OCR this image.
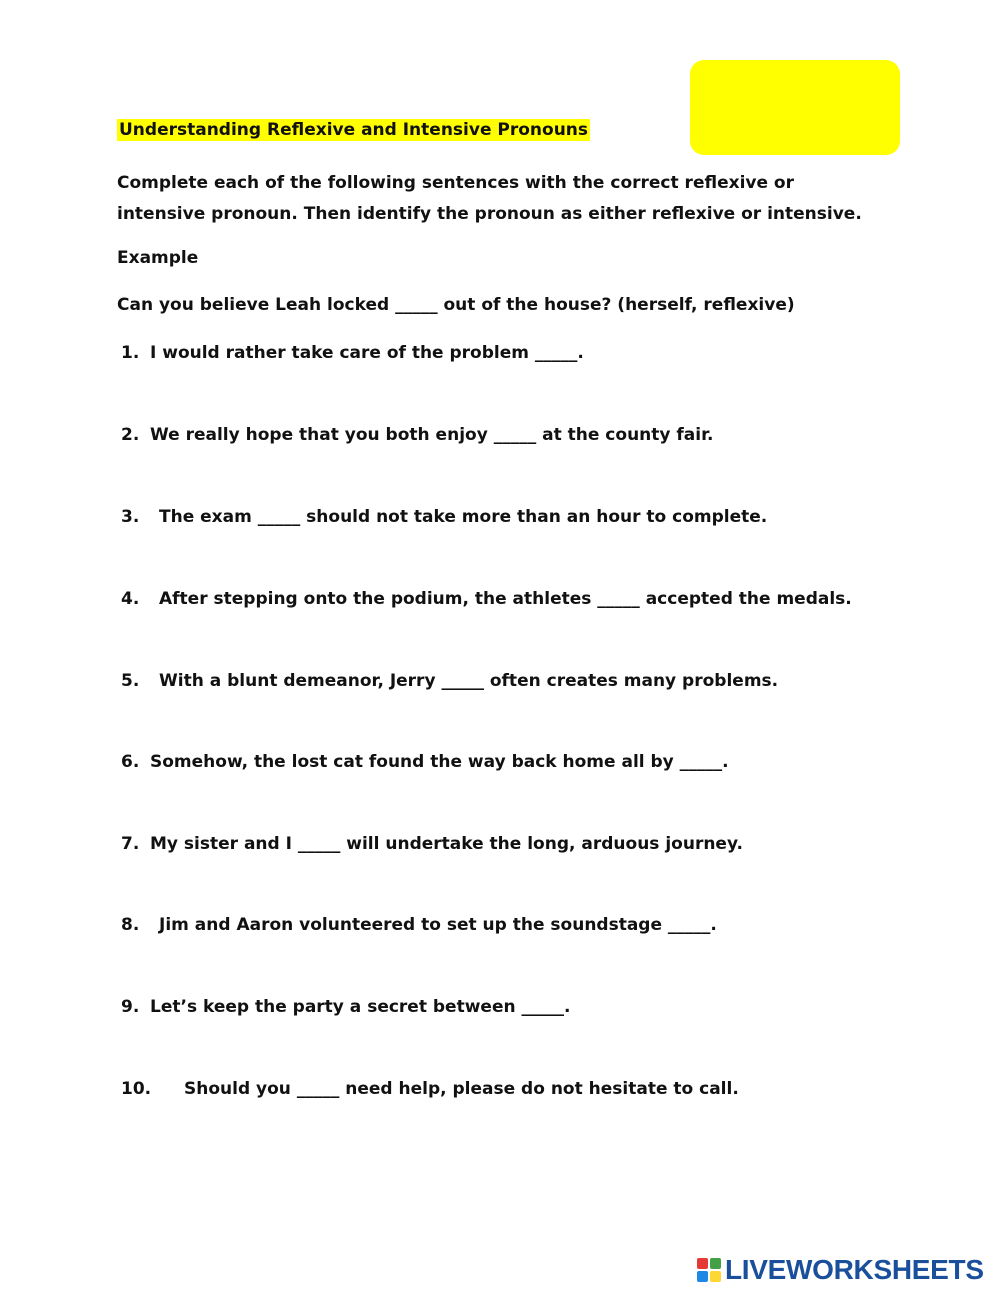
Understanding Reflexive and Intensive Pronouns
Complete each of the following sentences with the correct reflexive or
intensive pronoun. Then identify the pronoun as either reflexive or intensive.
Example
Can you believe Leah locked _____ out of the house? (herself, reflexive)
1. I would rather take care of the problem _____.
2. We really hope that you both enjoy _____ at the county fair.
3. The exam _____ should not take more than an hour to complete.
4. After stepping onto the podium, the athletes _____ accepted the medals.
5. With a blunt demeanor, Jerry _____ often creates many problems.
6. Somehow, the lost cat found the way back home all by _____.
7. My sister and I _____ will undertake the long, arduous journey.
8. Jim and Aaron volunteered to set up the soundstage _____.
9. Let’s keep the party a secret between _____.
10. Should you _____ need help, please do not hesitate to call.
LIVEWORKSHEETS
